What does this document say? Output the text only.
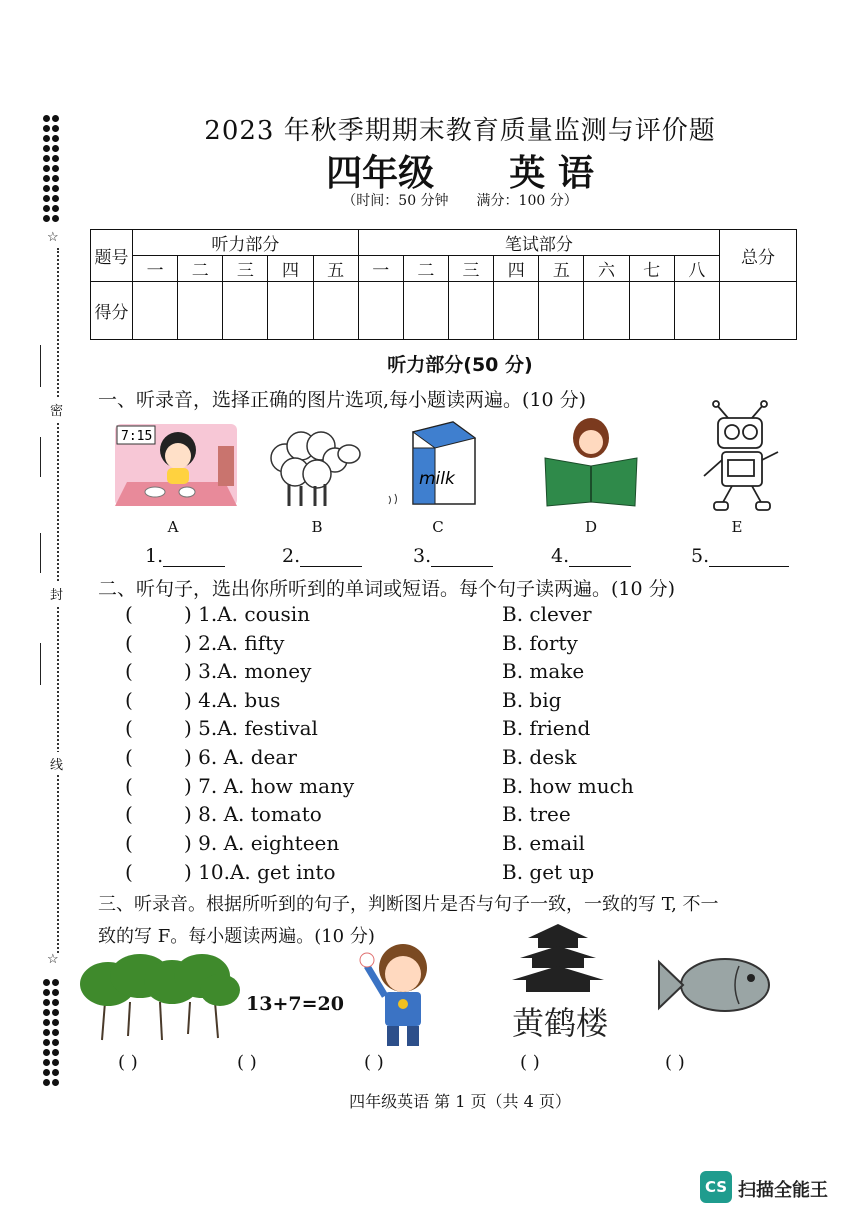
☆
密
封
线
☆
2023 年秋季期期末教育质量监测与评价题
四年级 英 语
（时间：50 分钟　　满分：100 分）
题号	听力部分					笔试部分								总分
	一	二	三	四	五	一	二	三	四	五	六	七	八	
得分														
听力部分(50 分)
一、听录音，选择正确的图片选项,每小题读两遍。(10 分)
7:15
milk
A	B	C	D	E
1.	2.	3.	4.	5.
二、听句子，选出你所听到的单词或短语。每个句子读两遍。(10 分)
(	) 1.A. cousin	B. clever
(	) 2.A. fifty	B. forty
(	) 3.A. money	B. make
(	) 4.A. bus	B. big
(	) 5.A. festival	B. friend
(	) 6. A. dear	B. desk
(	) 7. A. how many	B. how much
(	) 8. A. tomato	B. tree
(	) 9. A. eighteen	B. email
(	) 10.A. get into	B. get up
三、听录音。根据所听到的句子，判断图片是否与句子一致，一致的写 T, 不一
致的写 F。每小题读两遍。(10 分)
13+7=20	黄鹤楼
( )	( )	( )	( )	( )
四年级英语 第 1 页（共 4 页）
CS 扫描全能王
